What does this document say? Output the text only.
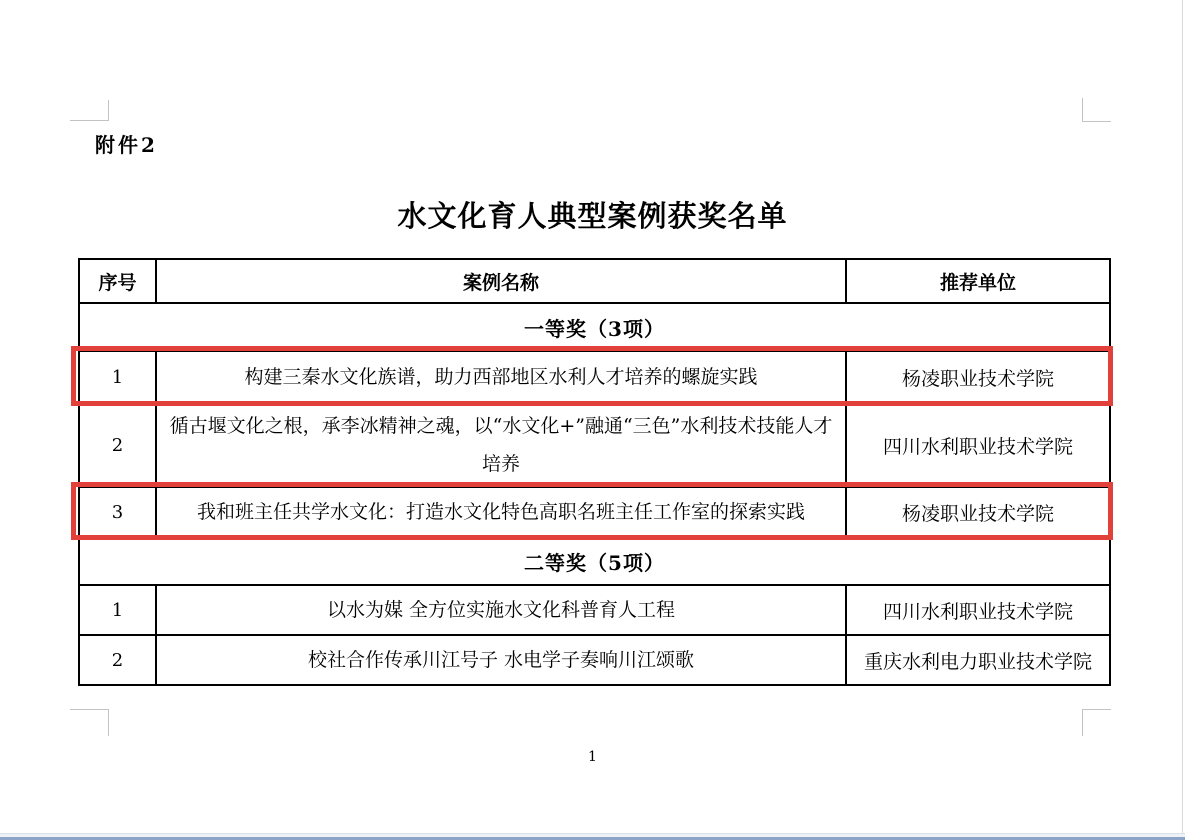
附件2
水文化育人典型案例获奖名单
序号	案例名称	推荐单位
一等奖（3项）		
1	构建三秦水文化族谱，助力西部地区水利人才培养的螺旋实践	杨凌职业技术学院
2	循古堰文化之根，承李冰精神之魂，以“水文化+”融通“三色”水利技术技能人才培养	四川水利职业技术学院
3	我和班主任共学水文化：打造水文化特色高职名班主任工作室的探索实践	杨凌职业技术学院
二等奖（5项）		
1	以水为媒 全方位实施水文化科普育人工程	四川水利职业技术学院
2	校社合作传承川江号子 水电学子奏响川江颂歌	重庆水利电力职业技术学院
1
